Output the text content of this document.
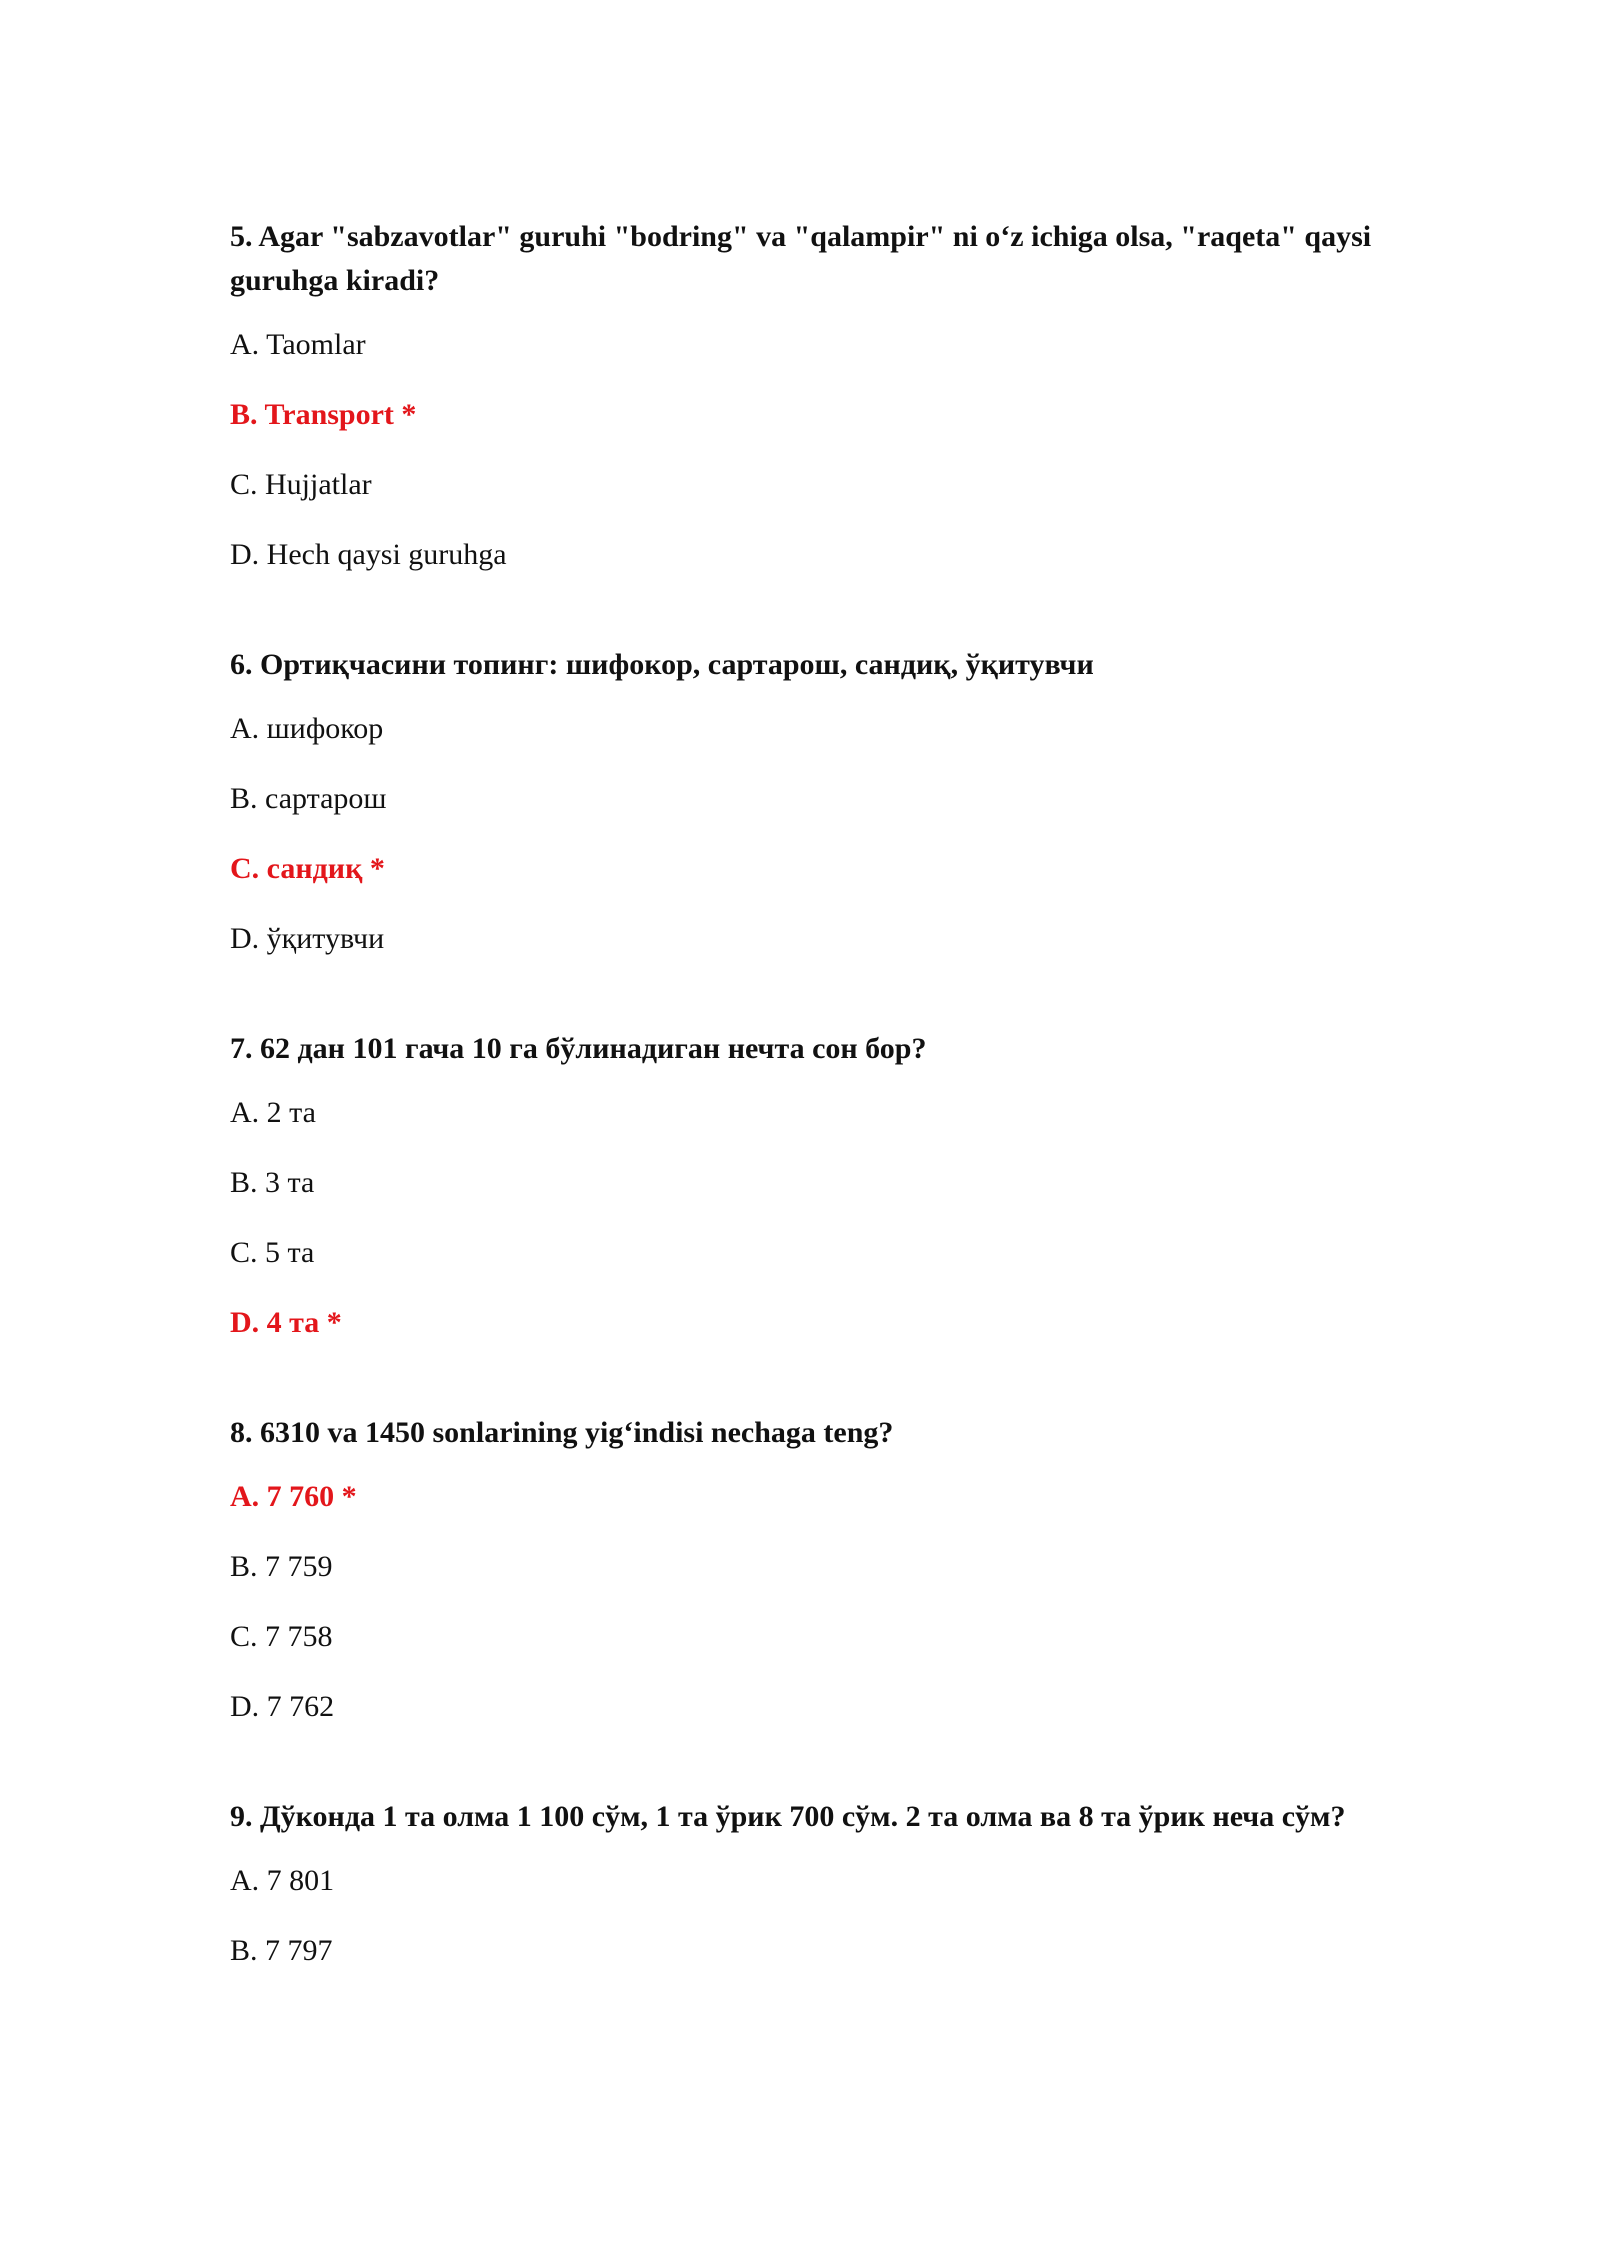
5. Agar "sabzavotlar" guruhi "bodring" va "qalampir" ni o‘z ichiga olsa, "raqeta" qaysi guruhga kiradi?
A. Taomlar
B. Transport *
C. Hujjatlar
D. Hech qaysi guruhga
6. Ортиқчасини топинг: шифокор, сартарош, сандиқ, ўқитувчи
A. шифокор
B. сартарош
C. сандиқ *
D. ўқитувчи
7. 62 дан 101 гача 10 га бўлинадиган нечта сон бор?
A. 2 та
B. 3 та
C. 5 та
D. 4 та *
8. 6310 va 1450 sonlarining yig‘indisi nechaga teng?
A. 7 760 *
B. 7 759
C. 7 758
D. 7 762
9. Дўконда 1 та олма 1 100 сўм, 1 та ўрик 700 сўм. 2 та олма ва 8 та ўрик неча сўм?
A. 7 801
B. 7 797
